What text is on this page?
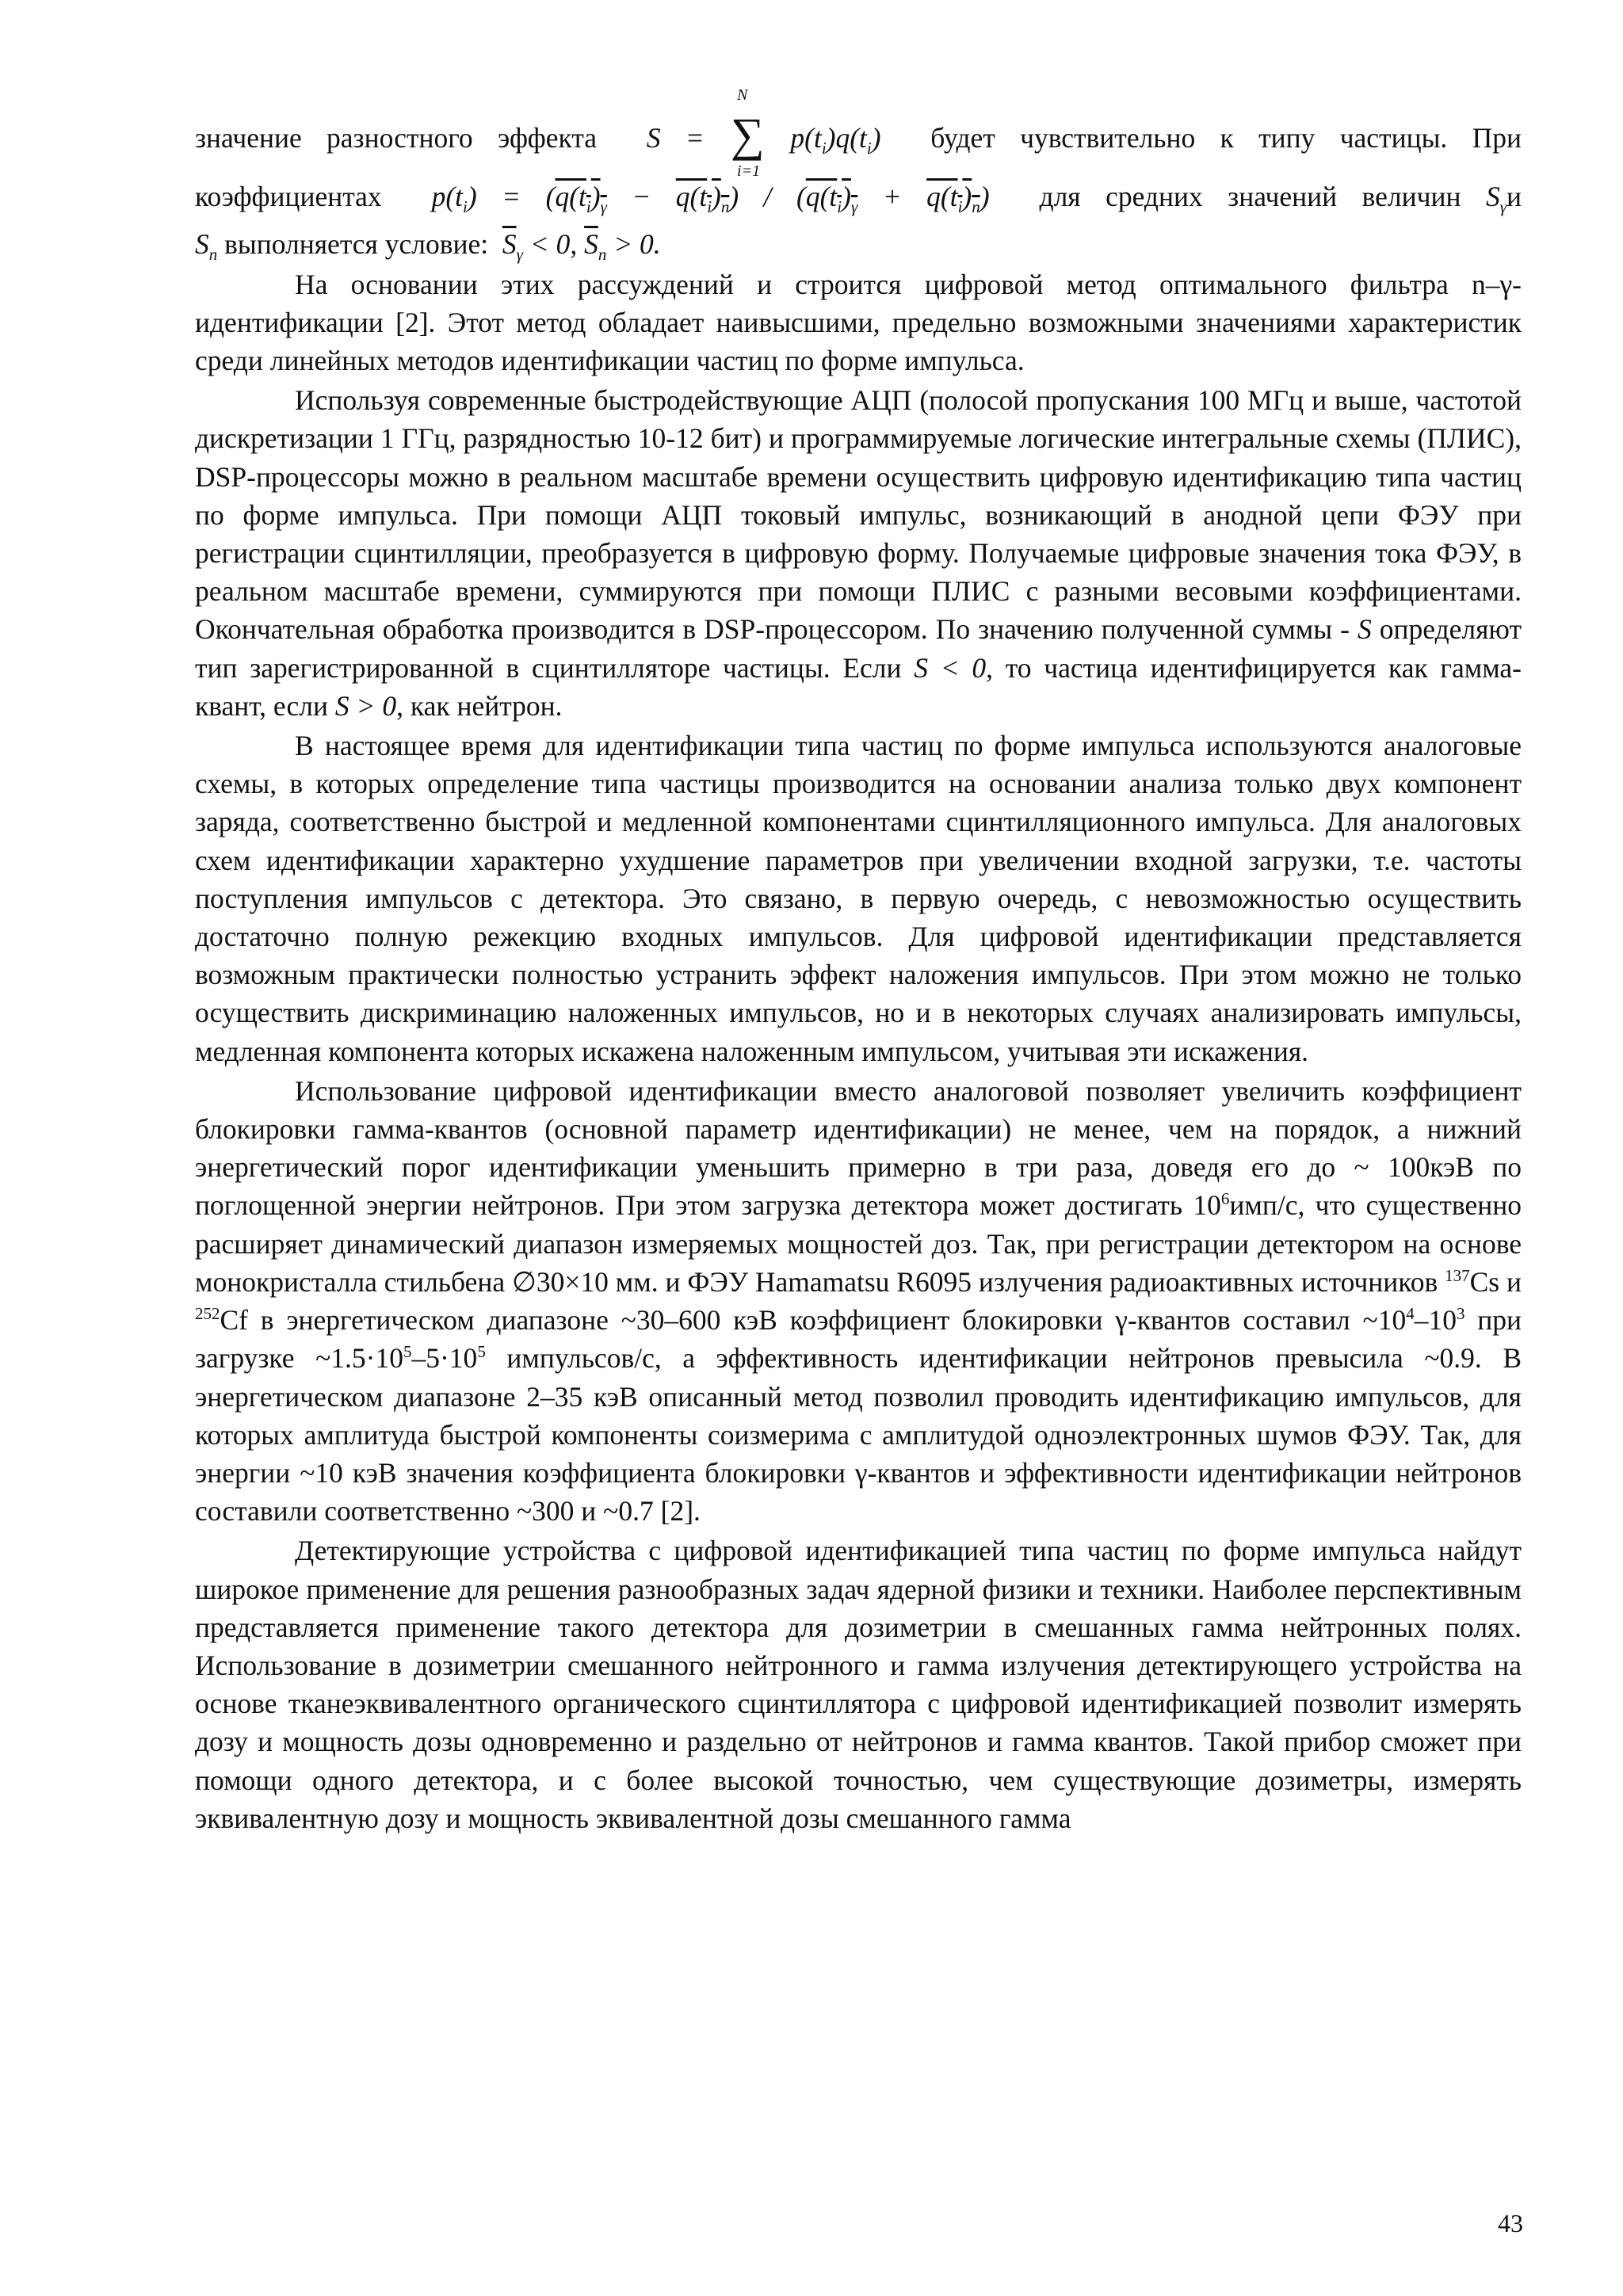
значение разностного эффекта S = ∑
N
i=1
$p(t_i)q(t_i)$ будет чувствительно к типу частицы. При

коэффициентах $p(t_i) = (q(t_i)_\gamma - q(t_i)_n) / (q(t_i)_\gamma + q(t_i)_n)$ для средних значений величин $S_\gamma и$

$S_n$ выполняется условие: $\overline{S}_\gamma < 0$, $\overline{S}_n > 0$.

На основании этих рассуждений и строится цифровой метод оптимального фильтра n–γ-идентификации [2]. Этот метод обладает наивысшими, предельно возможными значениями характеристик среди линейных методов идентификации частиц по форме импульса.

Используя современные быстродействующие АЦП (полосой пропускания 100 МГц и выше, частотой дискретизации 1 ГГц, разрядностью 10-12 бит) и программируемые логические интегральные схемы (ПЛИС), DSP-процессоры можно в реальном масштабе времени осуществить цифровую идентификацию типа частиц по форме импульса. При помощи АЦП токовый импульс, возникающий в анодной цепи ФЭУ при регистрации сцинтилляции, преобразуется в цифровую форму. Получаемые цифровые значения тока ФЭУ, в реальном масштабе времени, суммируются при помощи ПЛИС с разными весовыми коэффициентами. Окончательная обработка производится в DSP-процессором. По значению полученной суммы - S определяют тип зарегистрированной в сцинтилляторе частицы. Если S < 0, то частица идентифицируется как гамма-квант, если S > 0, как нейтрон.

В настоящее время для идентификации типа частиц по форме импульса используются аналоговые схемы, в которых определение типа частицы производится на основании анализа только двух компонент заряда, соответственно быстрой и медленной компонентами сцинтилляционного импульса. Для аналоговых схем идентификации характерно ухудшение параметров при увеличении входной загрузки, т.е. частоты поступления импульсов с детектора. Это связано, в первую очередь, с невозможностью осуществить достаточно полную режекцию входных импульсов. Для цифровой идентификации представляется возможным практически полностью устранить эффект наложения импульсов. При этом можно не только осуществить дискриминацию наложенных импульсов, но и в некоторых случаях анализировать импульсы, медленная компонента которых искажена наложенным импульсом, учитывая эти искажения.

Использование цифровой идентификации вместо аналоговой позволяет увеличить коэффициент блокировки гамма-квантов (основной параметр идентификации) не менее, чем на порядок, а нижний энергетический порог идентификации уменьшить примерно в три раза, доведя его до ~ 100кэВ по поглощенной энергии нейтронов. При этом загрузка детектора может достигать $10^6имп/с$, что существенно расширяет динамический диапазон измеряемых мощностей доз. Так, при регистрации детектором на основе монокристалла стильбена ∅30×10 мм. и ФЭУ Hamamatsu R6095 излучения радиоактивных источников $^{137}$Cs и $^{252}$Cf в энергетическом диапазоне ~30–600 кэВ коэффициент блокировки γ-квантов составил $\sim 10^4-10^3$ при загрузке $\sim 1.5\cdot 10^5-5\cdot 10^5$ импульсов/с, а эффективность идентификации нейтронов превысила ~0.9. В энергетическом диапазоне 2–35 кэВ описанный метод позволил проводить идентификацию импульсов, для которых амплитуда быстрой компоненты соизмерима с амплитудой одноэлектронных шумов ФЭУ. Так, для энергии ~10 кэВ значения коэффициента блокировки γ-квантов и эффективности идентификации нейтронов составили соответственно ~300 и ~0.7 [2].

Детектирующие устройства с цифровой идентификацией типа частиц по форме импульса найдут широкое применение для решения разнообразных задач ядерной физики и техники. Наиболее перспективным представляется применение такого детектора для дозиметрии в смешанных гамма нейтронных полях. Использование в дозиметрии смешанного нейтронного и гамма излучения детектирующего устройства на основе тканеэквивалентного органического сцинтиллятора с цифровой идентификацией позволит измерять дозу и мощность дозы одновременно и раздельно от нейтронов и гамма квантов. Такой прибор сможет при помощи одного детектора, и с более высокой точностью, чем существующие дозиметры, измерять эквивалентную дозу и мощность эквивалентной дозы смешанного гамма

43
